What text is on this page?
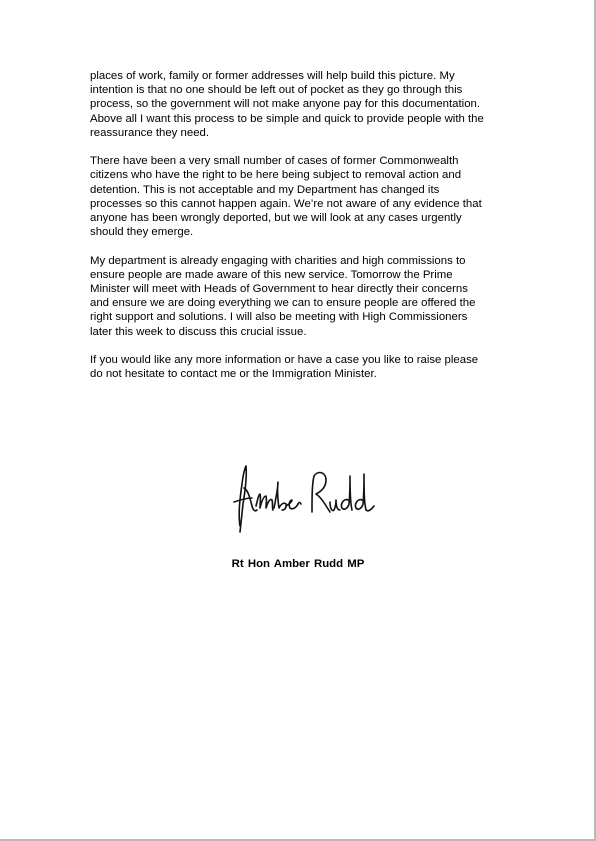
places of work, family or former addresses will help build this picture. My
intention is that no one should be left out of pocket as they go through this
process, so the government will not make anyone pay for this documentation.
Above all I want this process to be simple and quick to provide people with the
reassurance they need.

There have been a very small number of cases of former Commonwealth
citizens who have the right to be here being subject to removal action and
detention. This is not acceptable and my Department has changed its
processes so this cannot happen again. We’re not aware of any evidence that
anyone has been wrongly deported, but we will look at any cases urgently
should they emerge.

My department is already engaging with charities and high commissions to
ensure people are made aware of this new service. Tomorrow the Prime
Minister will meet with Heads of Government to hear directly their concerns
and ensure we are doing everything we can to ensure people are offered the
right support and solutions. I will also be meeting with High Commissioners
later this week to discuss this crucial issue.

If you would like any more information or have a case you like to raise please
do not hesitate to contact me or the Immigration Minister.

Rt Hon Amber Rudd MP
